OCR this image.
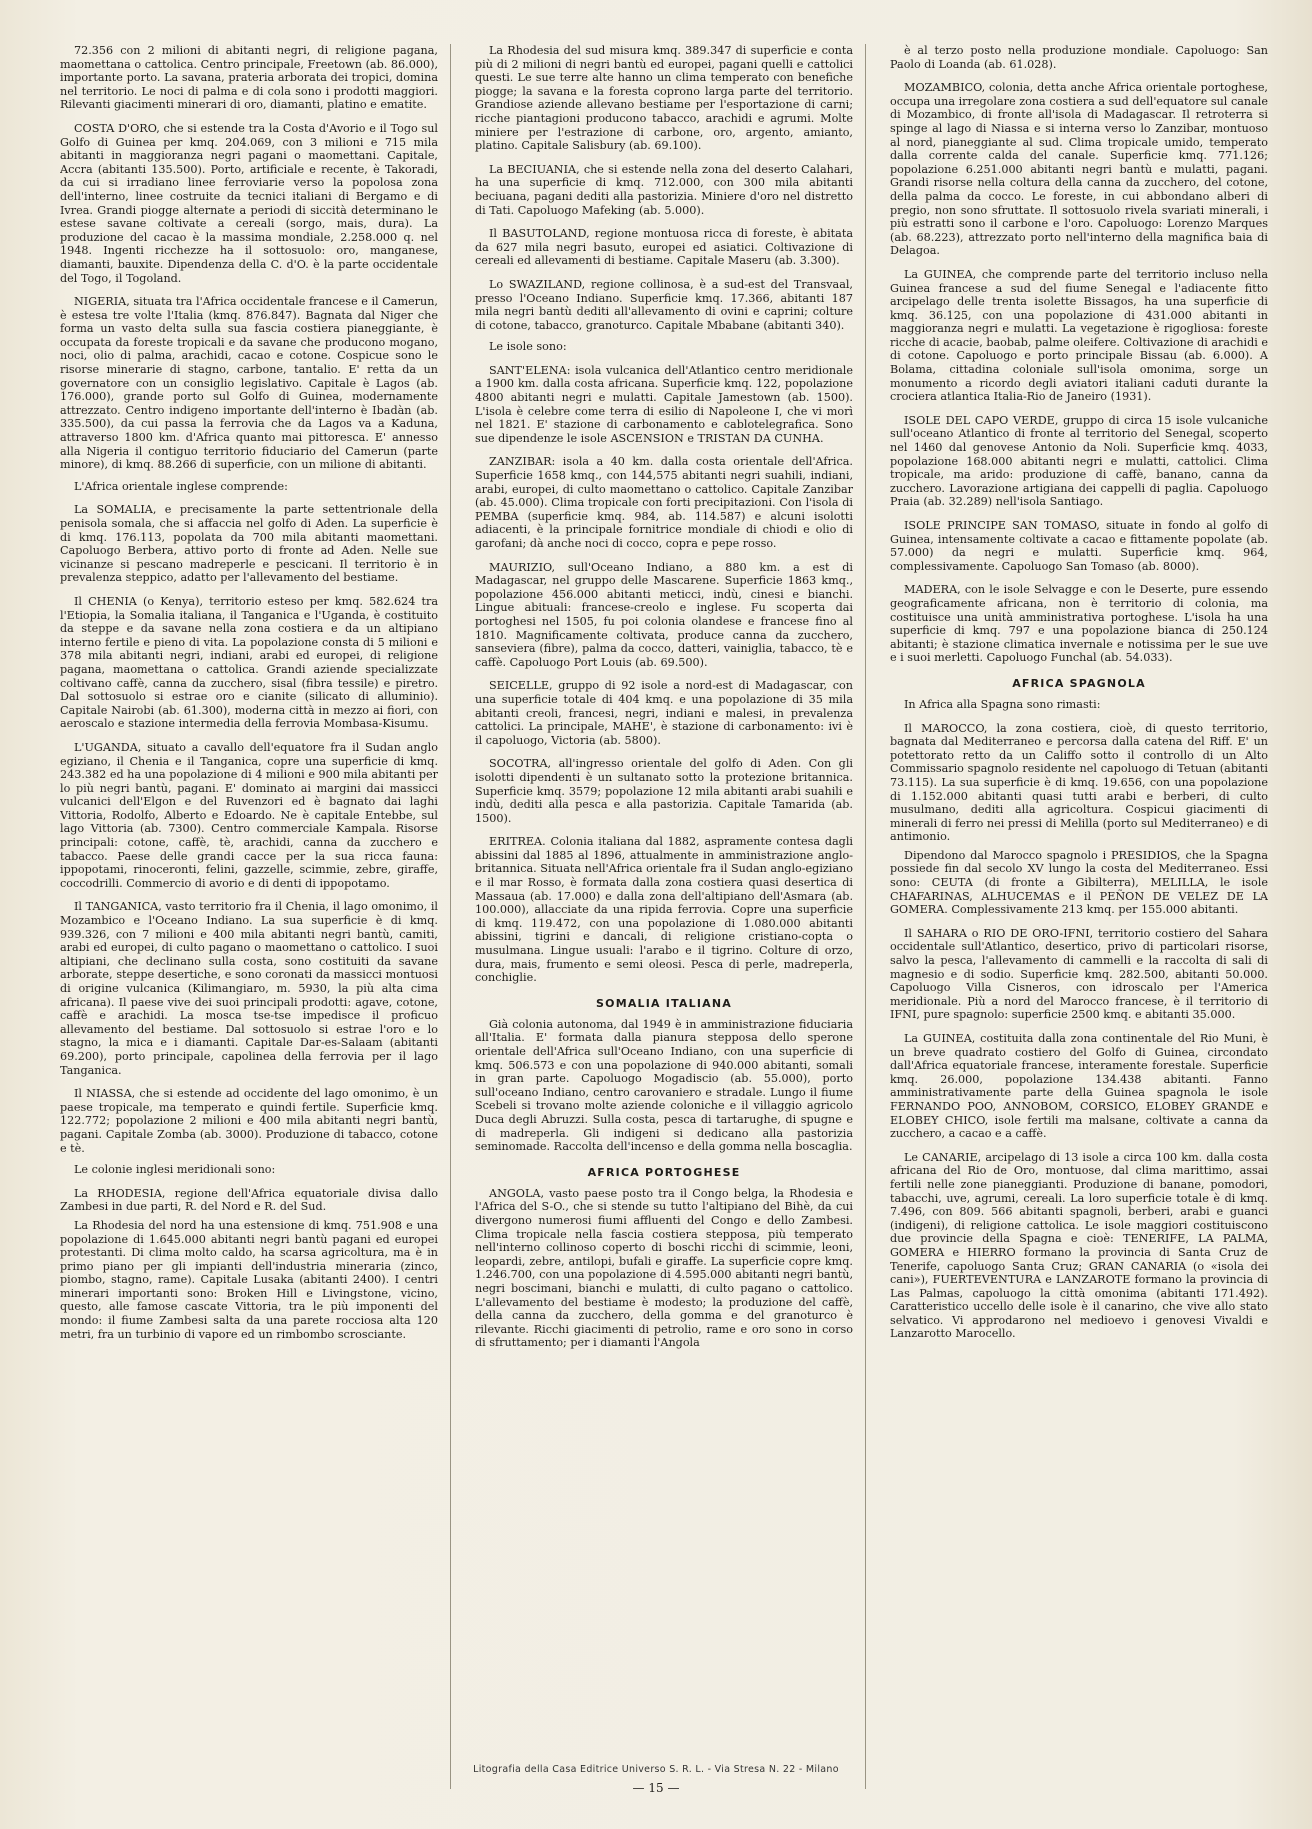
72.356 con 2 milioni di abitanti negri, di religione pagana, maomettana o cattolica. Centro principale, Freetown (ab. 86.000), importante porto. La savana, prateria arborata dei tropici, domina nel territorio. Le noci di palma e di cola sono i prodotti maggiori. Rilevanti giacimenti minerari di oro, diamanti, platino e ematite.
COSTA D'ORO, che si estende tra la Costa d'Avorio e il Togo sul Golfo di Guinea per kmq. 204.069, con 3 milioni e 715 mila abitanti in maggioranza negri pagani o maomettani. Capitale, Accra (abitanti 135.500). Porto, artificiale e recente, è Takoradi, da cui si irradiano linee ferroviarie verso la popolosa zona dell'interno, linee costruite da tecnici italiani di Bergamo e di Ivrea. Grandi piogge alternate a periodi di siccità determinano le estese savane coltivate a cereali (sorgo, mais, dura). La produzione del cacao è la massima mondiale, 2.258.000 q. nel 1948. Ingenti ricchezze ha il sottosuolo: oro, manganese, diamanti, bauxite. Dipendenza della C. d'O. è la parte occidentale del Togo, il Togoland.
NIGERIA, situata tra l'Africa occidentale francese e il Camerun, è estesa tre volte l'Italia (kmq. 876.847). Bagnata dal Niger che forma un vasto delta sulla sua fascia costiera pianeggiante, è occupata da foreste tropicali e da savane che producono mogano, noci, olio di palma, arachidi, cacao e cotone. Cospicue sono le risorse minerarie di stagno, carbone, tantalio. E' retta da un governatore con un consiglio legislativo. Capitale è Lagos (ab. 176.000), grande porto sul Golfo di Guinea, modernamente attrezzato. Centro indigeno importante dell'interno è Ibadàn (ab. 335.500), da cui passa la ferrovia che da Lagos va a Kaduna, attraverso 1800 km. d'Africa quanto mai pittoresca. E' annesso alla Nigeria il contiguo territorio fiduciario del Camerun (parte minore), di kmq. 88.266 di superficie, con un milione di abitanti.
L'Africa orientale inglese comprende:
La SOMALIA, e precisamente la parte settentrionale della penisola somala, che si affaccia nel golfo di Aden. La superficie è di kmq. 176.113, popolata da 700 mila abitanti maomettani. Capoluogo Berbera, attivo porto di fronte ad Aden. Nelle sue vicinanze si pescano madreperle e pescicani. Il territorio è in prevalenza steppico, adatto per l'allevamento del bestiame.
Il CHENIA (o Kenya), territorio esteso per kmq. 582.624 tra l'Etiopia, la Somalia italiana, il Tanganica e l'Uganda, è costituito da steppe e da savane nella zona costiera e da un altipiano interno fertile e pieno di vita. La popolazione consta di 5 milioni e 378 mila abitanti negri, indiani, arabi ed europei, di religione pagana, maomettana o cattolica. Grandi aziende specializzate coltivano caffè, canna da zucchero, sisal (fibra tessile) e piretro. Dal sottosuolo si estrae oro e cianite (silicato di alluminio). Capitale Nairobi (ab. 61.300), moderna città in mezzo ai fiori, con aeroscalo e stazione intermedia della ferrovia Mombasa-Kisumu.
L'UGANDA, situato a cavallo dell'equatore fra il Sudan anglo egiziano, il Chenia e il Tanganica, copre una superficie di kmq. 243.382 ed ha una popolazione di 4 milioni e 900 mila abitanti per lo più negri bantù, pagani. E' dominato ai margini dai massicci vulcanici dell'Elgon e del Ruvenzori ed è bagnato dai laghi Vittoria, Rodolfo, Alberto e Edoardo. Ne è capitale Entebbe, sul lago Vittoria (ab. 7300). Centro commerciale Kampala. Risorse principali: cotone, caffè, tè, arachidi, canna da zucchero e tabacco. Paese delle grandi cacce per la sua ricca fauna: ippopotami, rinoceronti, felini, gazzelle, scimmie, zebre, giraffe, coccodrilli. Commercio di avorio e di denti di ippopotamo.
Il TANGANICA, vasto territorio fra il Chenia, il lago omonimo, il Mozambico e l'Oceano Indiano. La sua superficie è di kmq. 939.326, con 7 milioni e 400 mila abitanti negri bantù, camiti, arabi ed europei, di culto pagano o maomettano o cattolico. I suoi altipiani, che declinano sulla costa, sono costituiti da savane arborate, steppe desertiche, e sono coronati da massicci montuosi di origine vulcanica (Kilimangiaro, m. 5930, la più alta cima africana). Il paese vive dei suoi principali prodotti: agave, cotone, caffè e arachidi. La mosca tse-tse impedisce il proficuo allevamento del bestiame. Dal sottosuolo si estrae l'oro e lo stagno, la mica e i diamanti. Capitale Dar-es-Salaam (abitanti 69.200), porto principale, capolinea della ferrovia per il lago Tanganica.
Il NIASSA, che si estende ad occidente del lago omonimo, è un paese tropicale, ma temperato e quindi fertile. Superficie kmq. 122.772; popolazione 2 milioni e 400 mila abitanti negri bantù, pagani. Capitale Zomba (ab. 3000). Produzione di tabacco, cotone e tè.
Le colonie inglesi meridionali sono:
La RHODESIA, regione dell'Africa equatoriale divisa dallo Zambesi in due parti, R. del Nord e R. del Sud.
La Rhodesia del nord ha una estensione di kmq. 751.908 e una popolazione di 1.645.000 abitanti negri bantù pagani ed europei protestanti. Di clima molto caldo, ha scarsa agricoltura, ma è in primo piano per gli impianti dell'industria mineraria (zinco, piombo, stagno, rame). Capitale Lusaka (abitanti 2400). I centri minerari importanti sono: Broken Hill e Livingstone, vicino, questo, alle famose cascate Vittoria, tra le più imponenti del mondo: il fiume Zambesi salta da una parete rocciosa alta 120 metri, fra un turbinio di vapore ed un rimbombo scrosciante.
La Rhodesia del sud misura kmq. 389.347 di superficie e conta più di 2 milioni di negri bantù ed europei, pagani quelli e cattolici questi. Le sue terre alte hanno un clima temperato con benefiche piogge; la savana e la foresta coprono larga parte del territorio. Grandiose aziende allevano bestiame per l'esportazione di carni; ricche piantagioni producono tabacco, arachidi e agrumi. Molte miniere per l'estrazione di carbone, oro, argento, amianto, platino. Capitale Salisbury (ab. 69.100).
La BECIUANIA, che si estende nella zona del deserto Calahari, ha una superficie di kmq. 712.000, con 300 mila abitanti beciuana, pagani dediti alla pastorizia. Miniere d'oro nel distretto di Tati. Capoluogo Mafeking (ab. 5.000).
Il BASUTOLAND, regione montuosa ricca di foreste, è abitata da 627 mila negri basuto, europei ed asiatici. Coltivazione di cereali ed allevamenti di bestiame. Capitale Maseru (ab. 3.300).
Lo SWAZILAND, regione collinosa, è a sud-est del Transvaal, presso l'Oceano Indiano. Superficie kmq. 17.366, abitanti 187 mila negri bantù dediti all'allevamento di ovini e caprini; colture di cotone, tabacco, granoturco. Capitale Mbabane (abitanti 340).
Le isole sono:
SANT'ELENA: isola vulcanica dell'Atlantico centro meridionale a 1900 km. dalla costa africana. Superficie kmq. 122, popolazione 4800 abitanti negri e mulatti. Capitale Jamestown (ab. 1500). L'isola è celebre come terra di esilio di Napoleone I, che vi morì nel 1821. E' stazione di carbonamento e cablotelegrafica. Sono sue dipendenze le isole ASCENSION e TRISTAN DA CUNHA.
ZANZIBAR: isola a 40 km. dalla costa orientale dell'Africa. Superficie 1658 kmq., con 144,575 abitanti negri suahili, indiani, arabi, europei, di culto maomettano o cattolico. Capitale Zanzibar (ab. 45.000). Clima tropicale con forti precipitazioni. Con l'isola di PEMBA (superficie kmq. 984, ab. 114.587) e alcuni isolotti adiacenti, è la principale fornitrice mondiale di chiodi e olio di garofani; dà anche noci di cocco, copra e pepe rosso.
MAURIZIO, sull'Oceano Indiano, a 880 km. a est di Madagascar, nel gruppo delle Mascarene. Superficie 1863 kmq., popolazione 456.000 abitanti meticci, indù, cinesi e bianchi. Lingue abituali: francese-creolo e inglese. Fu scoperta dai portoghesi nel 1505, fu poi colonia olandese e francese fino al 1810. Magnificamente coltivata, produce canna da zucchero, sanseviera (fibre), palma da cocco, datteri, vainiglia, tabacco, tè e caffè. Capoluogo Port Louis (ab. 69.500).
SEICELLE, gruppo di 92 isole a nord-est di Madagascar, con una superficie totale di 404 kmq. e una popolazione di 35 mila abitanti creoli, francesi, negri, indiani e malesi, in prevalenza cattolici. La principale, MAHE', è stazione di carbonamento: ivi è il capoluogo, Victoria (ab. 5800).
SOCOTRA, all'ingresso orientale del golfo di Aden. Con gli isolotti dipendenti è un sultanato sotto la protezione britannica. Superficie kmq. 3579; popolazione 12 mila abitanti arabi suahili e indù, dediti alla pesca e alla pastorizia. Capitale Tamarida (ab. 1500).
ERITREA. Colonia italiana dal 1882, aspramente contesa dagli abissini dal 1885 al 1896, attualmente in amministrazione anglo-britannica. Situata nell'Africa orientale fra il Sudan anglo-egiziano e il mar Rosso, è formata dalla zona costiera quasi desertica di Massaua (ab. 17.000) e dalla zona dell'altipiano dell'Asmara (ab. 100.000), allacciate da una ripida ferrovia. Copre una superficie di kmq. 119.472, con una popolazione di 1.080.000 abitanti abissini, tigrini e dancali, di religione cristiano-copta o musulmana. Lingue usuali: l'arabo e il tigrino. Colture di orzo, dura, mais, frumento e semi oleosi. Pesca di perle, madreperla, conchiglie.
SOMALIA ITALIANA
Già colonia autonoma, dal 1949 è in amministrazione fiduciaria all'Italia. E' formata dalla pianura stepposa dello sperone orientale dell'Africa sull'Oceano Indiano, con una superficie di kmq. 506.573 e con una popolazione di 940.000 abitanti, somali in gran parte. Capoluogo Mogadiscio (ab. 55.000), porto sull'oceano Indiano, centro carovaniero e stradale. Lungo il fiume Scebeli si trovano molte aziende coloniche e il villaggio agricolo Duca degli Abruzzi. Sulla costa, pesca di tartarughe, di spugne e di madreperla. Gli indigeni si dedicano alla pastorizia seminomade. Raccolta dell'incenso e della gomma nella boscaglia.
AFRICA PORTOGHESE
ANGOLA, vasto paese posto tra il Congo belga, la Rhodesia e l'Africa del S-O., che si stende su tutto l'altipiano del Bihè, da cui divergono numerosi fiumi affluenti del Congo e dello Zambesi. Clima tropicale nella fascia costiera stepposa, più temperato nell'interno collinoso coperto di boschi ricchi di scimmie, leoni, leopardi, zebre, antilopi, bufali e giraffe. La superficie copre kmq. 1.246.700, con una popolazione di 4.595.000 abitanti negri bantù, negri boscimani, bianchi e mulatti, di culto pagano o cattolico. L'allevamento del bestiame è modesto; la produzione del caffè, della canna da zucchero, della gomma e del granoturco è rilevante. Ricchi giacimenti di petrolio, rame e oro sono in corso di sfruttamento; per i diamanti l'Angola
è al terzo posto nella produzione mondiale. Capoluogo: San Paolo di Loanda (ab. 61.028).
MOZAMBICO, colonia, detta anche Africa orientale portoghese, occupa una irregolare zona costiera a sud dell'equatore sul canale di Mozambico, di fronte all'isola di Madagascar. Il retroterra si spinge al lago di Niassa e si interna verso lo Zanzibar, montuoso al nord, pianeggiante al sud. Clima tropicale umido, temperato dalla corrente calda del canale. Superficie kmq. 771.126; popolazione 6.251.000 abitanti negri bantù e mulatti, pagani. Grandi risorse nella coltura della canna da zucchero, del cotone, della palma da cocco. Le foreste, in cui abbondano alberi di pregio, non sono sfruttate. Il sottosuolo rivela svariati minerali, i più estratti sono il carbone e l'oro. Capoluogo: Lorenzo Marques (ab. 68.223), attrezzato porto nell'interno della magnifica baia di Delagoa.
La GUINEA, che comprende parte del territorio incluso nella Guinea francese a sud del fiume Senegal e l'adiacente fitto arcipelago delle trenta isolette Bissagos, ha una superficie di kmq. 36.125, con una popolazione di 431.000 abitanti in maggioranza negri e mulatti. La vegetazione è rigogliosa: foreste ricche di acacie, baobab, palme oleifere. Coltivazione di arachidi e di cotone. Capoluogo e porto principale Bissau (ab. 6.000). A Bolama, cittadina coloniale sull'isola omonima, sorge un monumento a ricordo degli aviatori italiani caduti durante la crociera atlantica Italia-Rio de Janeiro (1931).
ISOLE DEL CAPO VERDE, gruppo di circa 15 isole vulcaniche sull'oceano Atlantico di fronte al territorio del Senegal, scoperto nel 1460 dal genovese Antonio da Noli. Superficie kmq. 4033, popolazione 168.000 abitanti negri e mulatti, cattolici. Clima tropicale, ma arido: produzione di caffè, banano, canna da zucchero. Lavorazione artigiana dei cappelli di paglia. Capoluogo Praia (ab. 32.289) nell'isola Santiago.
ISOLE PRINCIPE SAN TOMASO, situate in fondo al golfo di Guinea, intensamente coltivate a cacao e fittamente popolate (ab. 57.000) da negri e mulatti. Superficie kmq. 964, complessivamente. Capoluogo San Tomaso (ab. 8000).
MADERA, con le isole Selvagge e con le Deserte, pure essendo geograficamente africana, non è territorio di colonia, ma costituisce una unità amministrativa portoghese. L'isola ha una superficie di kmq. 797 e una popolazione bianca di 250.124 abitanti; è stazione climatica invernale e notissima per le sue uve e i suoi merletti. Capoluogo Funchal (ab. 54.033).
AFRICA SPAGNOLA
In Africa alla Spagna sono rimasti:
Il MAROCCO, la zona costiera, cioè, di questo territorio, bagnata dal Mediterraneo e percorsa dalla catena del Riff. E' un potettorato retto da un Califfo sotto il controllo di un Alto Commissario spagnolo residente nel capoluogo di Tetuan (abitanti 73.115). La sua superficie è di kmq. 19.656, con una popolazione di 1.152.000 abitanti quasi tutti arabi e berberi, di culto musulmano, dediti alla agricoltura. Cospicui giacimenti di minerali di ferro nei pressi di Melilla (porto sul Mediterraneo) e di antimonio.
Dipendono dal Marocco spagnolo i PRESIDIOS, che la Spagna possiede fin dal secolo XV lungo la costa del Mediterraneo. Essi sono: CEUTA (di fronte a Gibilterra), MELILLA, le isole CHAFARINAS, ALHUCEMAS e il PEÑON DE VELEZ DE LA GOMERA. Complessivamente 213 kmq. per 155.000 abitanti.
Il SAHARA o RIO DE ORO-IFNI, territorio costiero del Sahara occidentale sull'Atlantico, desertico, privo di particolari risorse, salvo la pesca, l'allevamento di cammelli e la raccolta di sali di magnesio e di sodio. Superficie kmq. 282.500, abitanti 50.000. Capoluogo Villa Cisneros, con idroscalo per l'America meridionale. Più a nord del Marocco francese, è il territorio di IFNI, pure spagnolo: superficie 2500 kmq. e abitanti 35.000.
La GUINEA, costituita dalla zona continentale del Rio Muni, è un breve quadrato costiero del Golfo di Guinea, circondato dall'Africa equatoriale francese, interamente forestale. Superficie kmq. 26.000, popolazione 134.438 abitanti. Fanno amministrativamente parte della Guinea spagnola le isole FERNANDO POO, ANNOBOM, CORSICO, ELOBEY GRANDE e ELOBEY CHICO, isole fertili ma malsane, coltivate a canna da zucchero, a cacao e a caffè.
Le CANARIE, arcipelago di 13 isole a circa 100 km. dalla costa africana del Rio de Oro, montuose, dal clima marittimo, assai fertili nelle zone pianeggianti. Produzione di banane, pomodori, tabacchi, uve, agrumi, cereali. La loro superficie totale è di kmq. 7.496, con 809. 566 abitanti spagnoli, berberi, arabi e guanci (indigeni), di religione cattolica. Le isole maggiori costituiscono due provincie della Spagna e cioè: TENERIFE, LA PALMA, GOMERA e HIERRO formano la provincia di Santa Cruz de Tenerife, capoluogo Santa Cruz; GRAN CANARIA (o «isola dei cani»), FUERTEVENTURA e LANZAROTE formano la provincia di Las Palmas, capoluogo la città omonima (abitanti 171.492). Caratteristico uccello delle isole è il canarino, che vive allo stato selvatico. Vi approdarono nel medioevo i genovesi Vivaldi e Lanzarotto Marocello.
Litografia della Casa Editrice Universo S. R. L. - Via Stresa N. 22 - Milano
— 15 —
